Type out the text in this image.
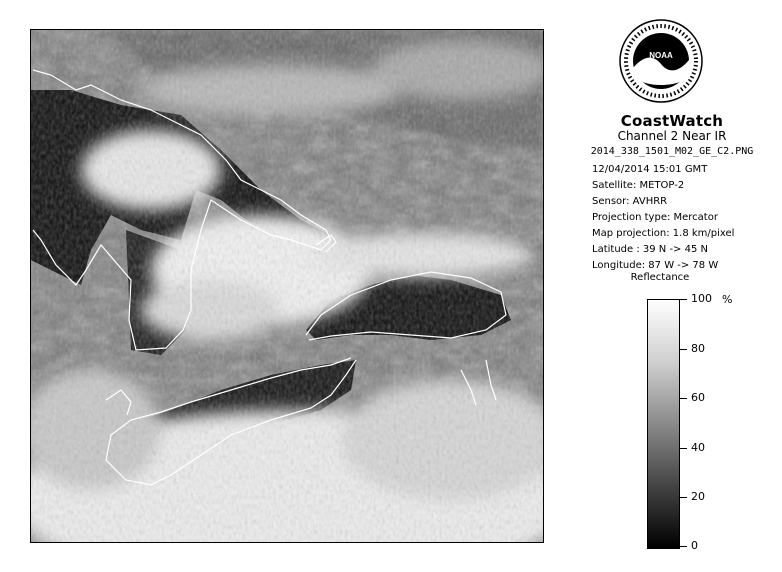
NOAA
CoastWatch
Channel 2 Near IR
2014_338_1501_M02_GE_C2.PNG
12/04/2014 15:01 GMT
Satellite: METOP-2
Sensor: AVHRR
Projection type: Mercator
Map projection: 1.8 km/pixel
Latitude : 39 N -> 45 N
Longitude: 87 W -> 78 W
Reflectance
%
100
80
60
40
20
0
